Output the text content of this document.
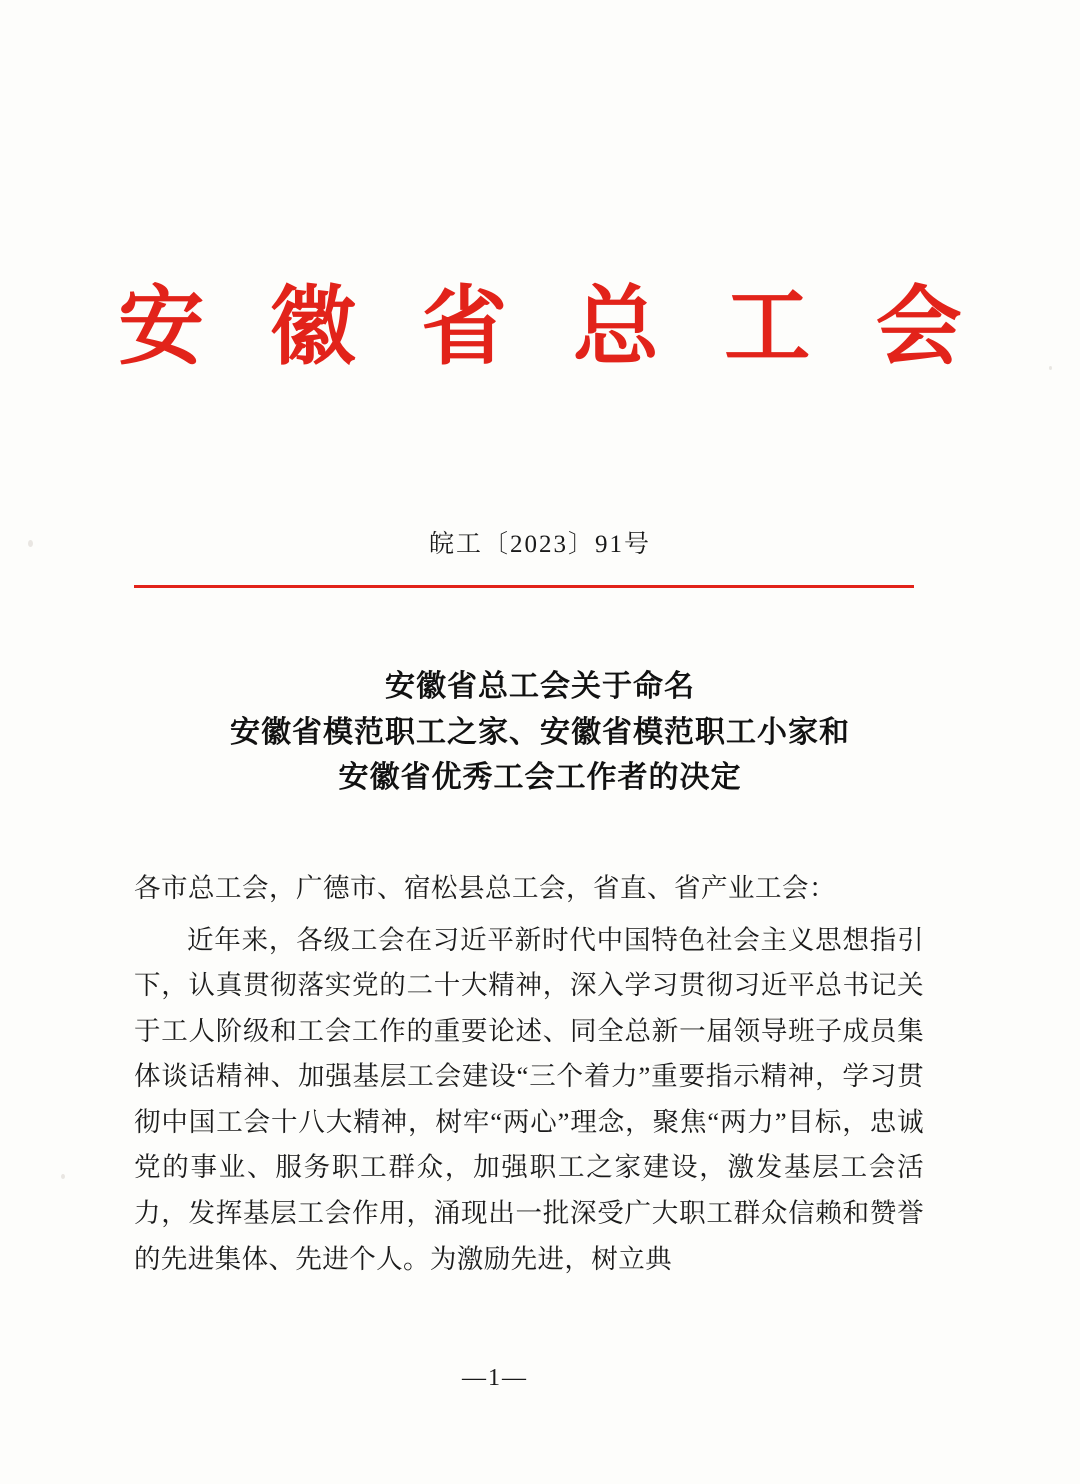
安 徽 省 总 工 会
皖工〔2023〕91号
安徽省总工会关于命名
安徽省模范职工之家、安徽省模范职工小家和
安徽省优秀工会工作者的决定

各市总工会，广德市、宿松县总工会，省直、省产业工会：

近年来，各级工会在习近平新时代中国特色社会主义思想指引下，认真贯彻落实党的二十大精神，深入学习贯彻习近平总书记关于工人阶级和工会工作的重要论述、同全总新一届领导班子成员集体谈话精神、加强基层工会建设“三个着力”重要指示精神，学习贯彻中国工会十八大精神，树牢“两心”理念，聚焦“两力”目标，忠诚党的事业、服务职工群众，加强职工之家建设，激发基层工会活力，发挥基层工会作用，涌现出一批深受广大职工群众信赖和赞誉的先进集体、先进个人。为激励先进，树立典

—1—
